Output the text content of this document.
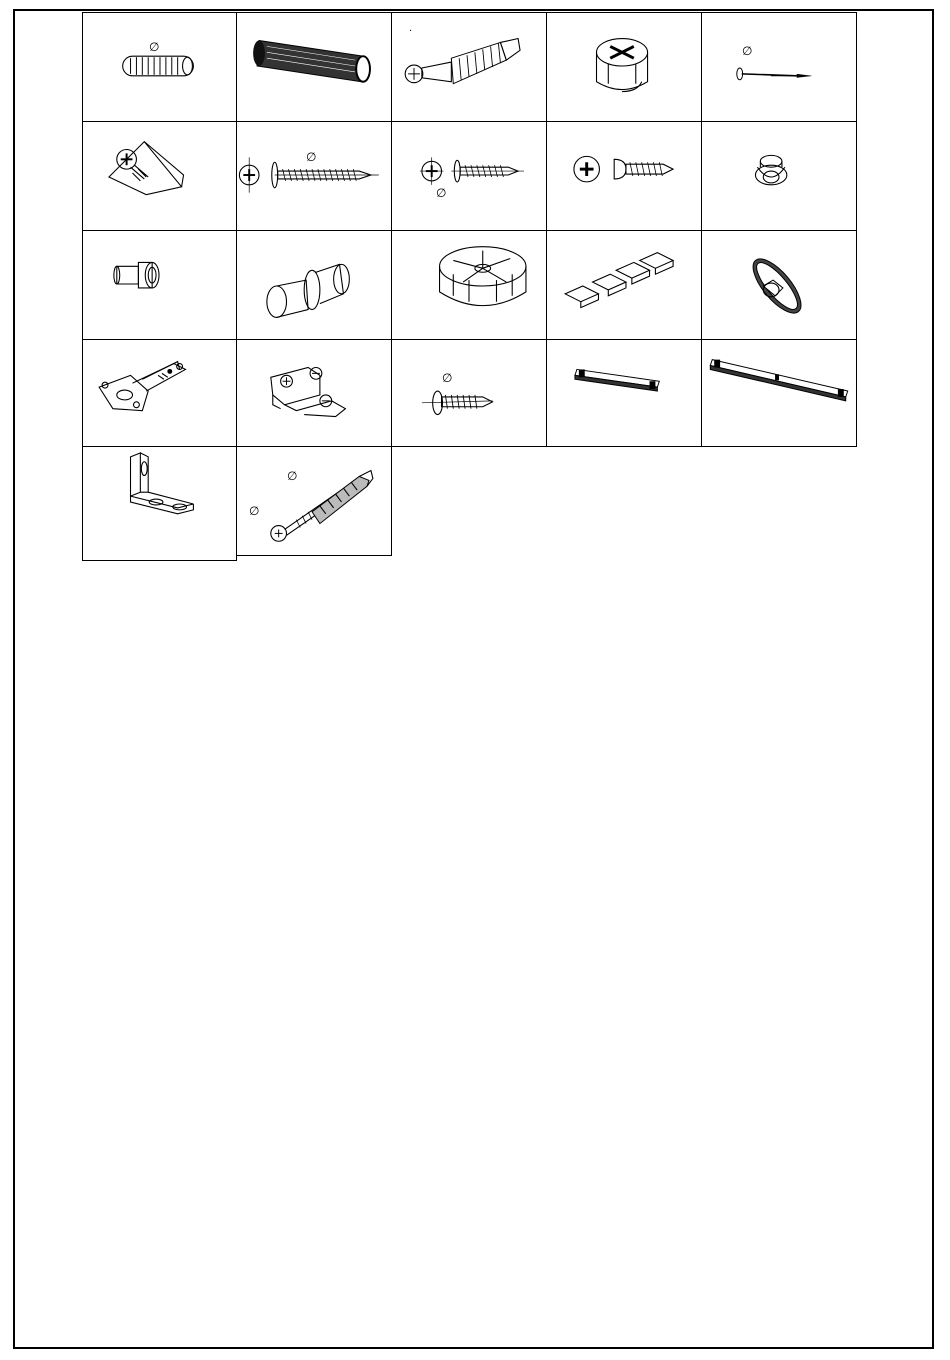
∅
·
∅
∅
∅
∅
∅
∅
